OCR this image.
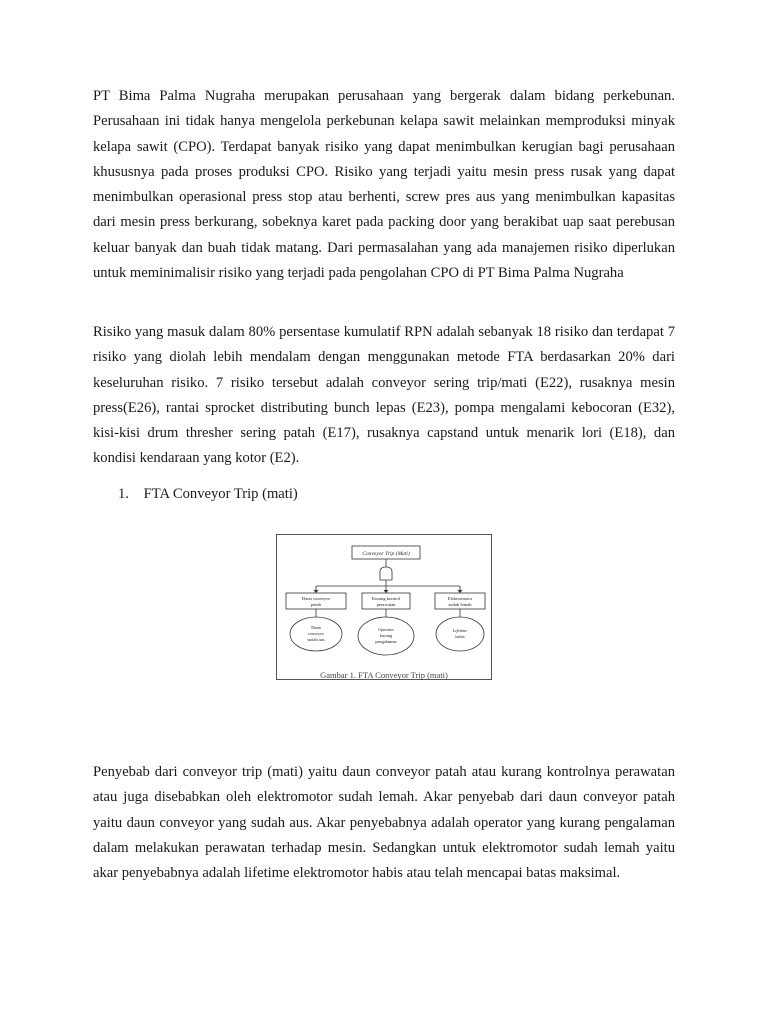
PT Bima Palma Nugraha merupakan perusahaan yang bergerak dalam bidang perkebunan. Perusahaan ini tidak hanya mengelola perkebunan kelapa sawit melainkan memproduksi minyak kelapa sawit (CPO). Terdapat banyak risiko yang dapat menimbulkan kerugian bagi perusahaan khususnya pada proses produksi CPO. Risiko yang terjadi yaitu mesin press rusak yang dapat menimbulkan operasional press stop atau berhenti, screw pres aus yang menimbulkan kapasitas dari mesin press berkurang, sobeknya karet pada packing door yang berakibat uap saat perebusan keluar banyak dan buah tidak matang. Dari permasalahan yang ada manajemen risiko diperlukan untuk meminimalisir risiko yang terjadi pada pengolahan CPO di PT Bima Palma Nugraha

Risiko yang masuk dalam 80% persentase kumulatif RPN adalah sebanyak 18 risiko dan terdapat 7 risiko yang diolah lebih mendalam dengan menggunakan metode FTA berdasarkan 20% dari keseluruhan risiko. 7 risiko tersebut adalah conveyor sering trip/mati (E22), rusaknya mesin press(E26), rantai sprocket distributing bunch lepas (E23), pompa mengalami kebocoran (E32), kisi-kisi drum thresher sering patah (E17), rusaknya capstand untuk menarik lori (E18), dan kondisi kendaraan yang kotor (E2).

1. FTA Conveyor Trip (mati)
Conveyor Trip (Mati)
Daun conveyor
patah
Kurang kontrol
perawatan
Elektromotor
sudah lemah
Daun
conveyor
sudah aus
Operator
kurang
pengalaman
Lifetime
habis
Gambar 1. FTA Conveyor Trip (mati)

Penyebab dari conveyor trip (mati) yaitu daun conveyor patah atau kurang kontrolnya perawatan atau juga disebabkan oleh elektromotor sudah lemah. Akar penyebab dari daun conveyor patah yaitu daun conveyor yang sudah aus. Akar penyebabnya adalah operator yang kurang pengalaman dalam melakukan perawatan terhadap mesin. Sedangkan untuk elektromotor sudah lemah yaitu akar penyebabnya adalah lifetime elektromotor habis atau telah mencapai batas maksimal.
